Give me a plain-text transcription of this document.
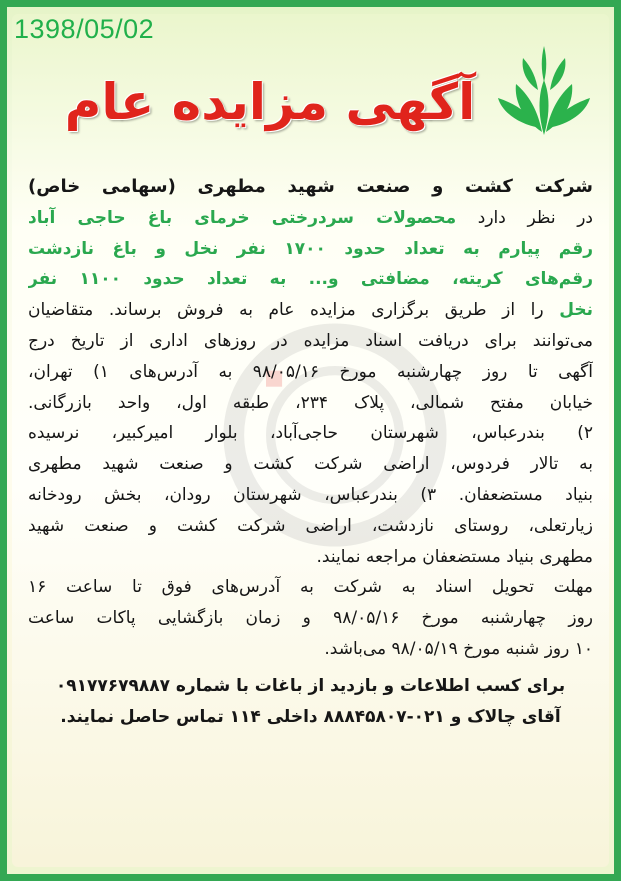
1398/05/02
آگهی مزایده عام
شرکت کشت و صنعت شهید مطهری (سهامی خاص)
در نظر دارد محصولات سردرختی خرمای باغ حاجی آباد
رقم پیارم به تعداد حدود ۱۷۰۰ نفر نخل و باغ نازدشت
رقم‌های کریته، مضافتی و... به تعداد حدود ۱۱۰۰ نفر
نخل را از طریق برگزاری مزایده عام به فروش برساند. متقاضیان
می‌توانند برای دریافت اسناد مزایده در روزهای اداری از تاریخ درج
آگهی تا روز چهارشنبه مورخ ۹۸/۰۵/۱۶ به آدرس‌های ۱) تهران،
خیابان مفتح شمالی، پلاک ۲۳۴، طبقه اول، واحد بازرگانی.
۲) بندرعباس، شهرستان حاجی‌آباد، بلوار امیرکبیر، نرسیده
به تالار فردوس، اراضی شرکت کشت و صنعت شهید مطهری
بنیاد مستضعفان. ۳) بندرعباس، شهرستان رودان، بخش رودخانه
زیارتعلی، روستای نازدشت، اراضی شرکت کشت و صنعت شهید
مطهری بنیاد مستضعفان مراجعه نمایند.
مهلت تحویل اسناد به شرکت به آدرس‌های فوق تا ساعت ۱۶
روز چهارشنبه مورخ ۹۸/۰۵/۱۶ و زمان بازگشایی پاکات ساعت
۱۰ روز شنبه مورخ ۹۸/۰۵/۱۹ می‌باشد.
برای کسب اطلاعات و بازدید از باغات با شماره ۰۹۱۷۷۶۷۹۸۸۷
آقای چالاک و ۰۲۱-۸۸۸۴۵۸۰۷ داخلی ۱۱۴ تماس حاصل نمایند.
